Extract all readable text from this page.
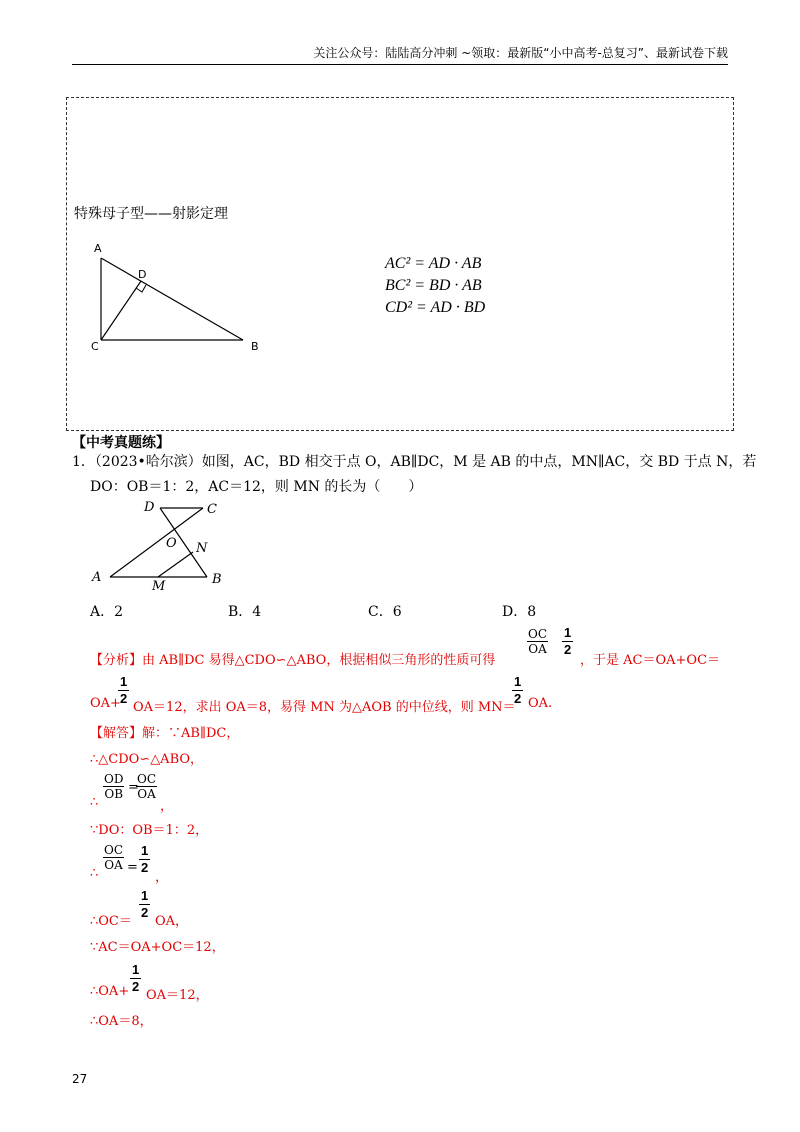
关注公众号：陆陆高分冲刺 ~领取：最新版“小中高考-总复习”、最新试卷下载
特殊母子型——射影定理
A
D
C	B
AC² = AD · AB
BC² = BD · AB
CD² = AD · BD
【中考真题练】
1．（2023•哈尔滨）如图，AC，BD 相交于点 O，AB∥DC，M 是 AB 的中点，MN∥AC，交 BD 于点 N，若
DO：OB＝1：2，AC＝12，则 MN 的长为（　　）
D	C
O N
A
M	B
A．2	B．4	C．6	D．8
【分析】由 AB∥DC 易得△CDO∽△ABO，根据相似三角形的性质可得
$\frac{OC}{OA} \frac{1}{2}$
，于是 AC＝OA+OC＝
OA+
$\frac{1}{2}$
OA＝12，求出 OA＝8，易得 MN 为△AOB 的中位线，则 MN＝
$\frac{1}{2}$ OA.
【解答】解：∵AB∥DC，
∴△CDO∽△ABO，
∴
$\frac{OD}{OB}$ =
$\frac{OC}{OA}$
，
∵DO：OB＝1：2，
∴
$\frac{OC}{OA} = \frac{1}{2}$
，
∴OC＝
$\frac{1}{2}$
OA，
∵AC＝OA+OC＝12，
∴OA+ $\frac{1}{2}$
OA＝12，
∴OA＝8，
27
